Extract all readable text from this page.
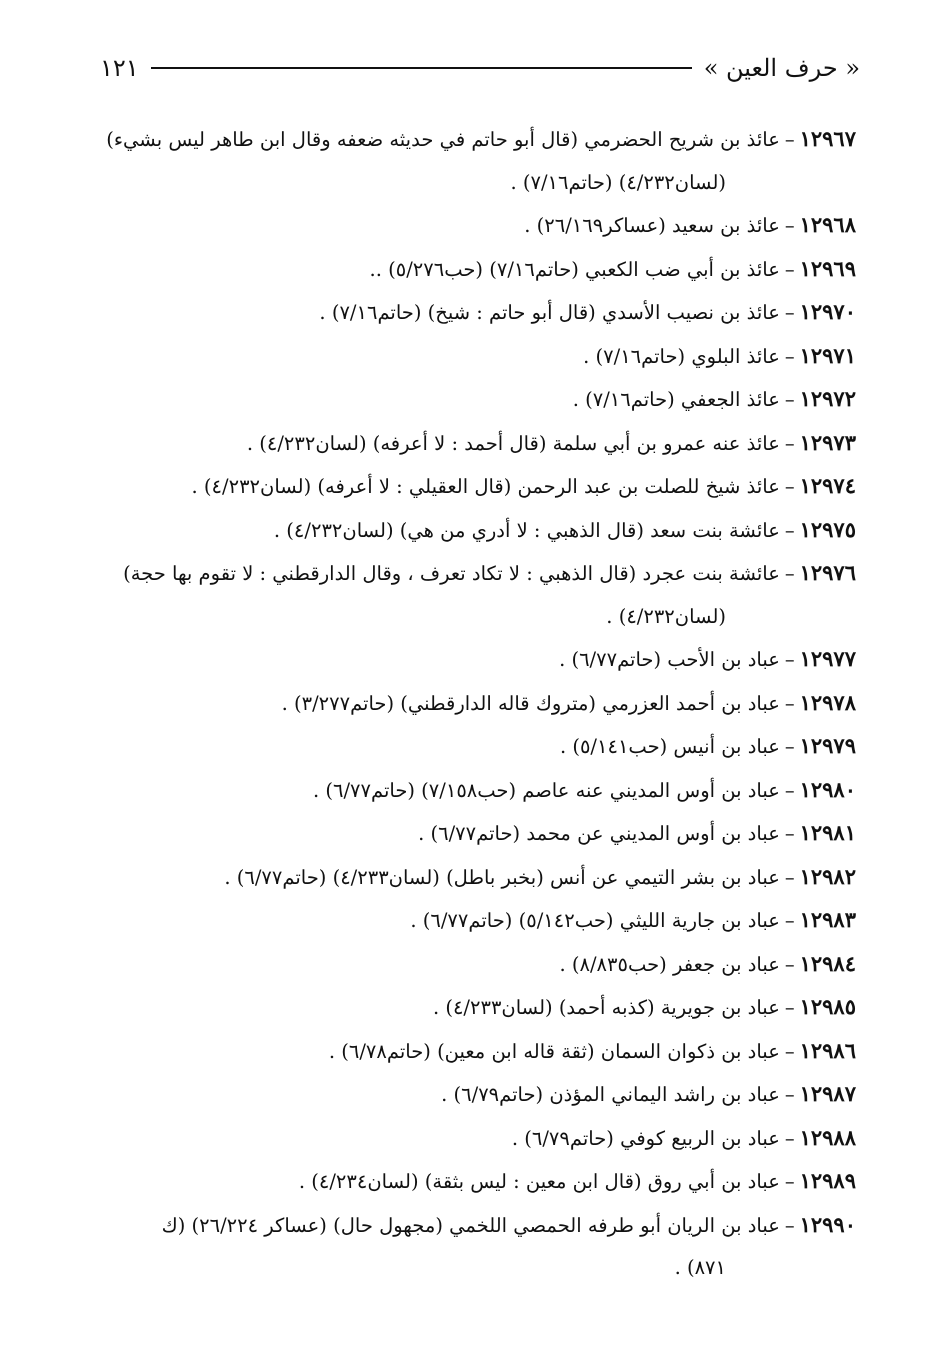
« حرف العين »
١٢١
١٢٩٦٧–عائذ بن شريح الحضرمي (قال أبو حاتم في حديثه ضعفه وقال ابن طاهر ليس بشيء)
(لسان٤/٢٣٢) (حاتم٧/١٦) .
١٢٩٦٨–عائذ بن سعيد (عساكر٢٦/١٦٩) .
١٢٩٦٩–عائذ بن أبي ضب الكعبي (حاتم٧/١٦) (حب٥/٢٧٦) ..
١٢٩٧٠–عائذ بن نصيب الأسدي (قال أبو حاتم : شيخ) (حاتم٧/١٦) .
١٢٩٧١–عائذ البلوي (حاتم٧/١٦) .
١٢٩٧٢–عائذ الجعفي (حاتم٧/١٦) .
١٢٩٧٣–عائذ عنه عمرو بن أبي سلمة (قال أحمد : لا أعرفه) (لسان٤/٢٣٢) .
١٢٩٧٤–عائذ شيخ للصلت بن عبد الرحمن (قال العقيلي : لا أعرفه) (لسان٤/٢٣٢) .
١٢٩٧٥–عائشة بنت سعد (قال الذهبي : لا أدري من هي) (لسان٤/٢٣٢) .
١٢٩٧٦–عائشة بنت عجرد (قال الذهبي : لا تكاد تعرف ، وقال الدارقطني : لا تقوم بها حجة)
(لسان٤/٢٣٢) .
١٢٩٧٧–عباد بن الأحب (حاتم٦/٧٧) .
١٢٩٧٨–عباد بن أحمد العزرمي (متروك قاله الدارقطني) (حاتم٣/٢٧٧) .
١٢٩٧٩–عباد بن أنيس (حب٥/١٤١) .
١٢٩٨٠–عباد بن أوس المديني عنه عاصم (حب٧/١٥٨) (حاتم٦/٧٧) .
١٢٩٨١–عباد بن أوس المديني عن محمد (حاتم٦/٧٧) .
١٢٩٨٢–عباد بن بشر التيمي عن أنس (بخبر باطل) (لسان٤/٢٣٣) (حاتم٦/٧٧) .
١٢٩٨٣–عباد بن جارية الليثي (حب٥/١٤٢) (حاتم٦/٧٧) .
١٢٩٨٤–عباد بن جعفر (حب٨/٨٣٥) .
١٢٩٨٥–عباد بن جويرية (كذبه أحمد) (لسان٤/٢٣٣) .
١٢٩٨٦–عباد بن ذكوان السمان (ثقة قاله ابن معين) (حاتم٦/٧٨) .
١٢٩٨٧–عباد بن راشد اليماني المؤذن (حاتم٦/٧٩) .
١٢٩٨٨–عباد بن الربيع كوفي (حاتم٦/٧٩) .
١٢٩٨٩–عباد بن أبي روق (قال ابن معين : ليس بثقة) (لسان٤/٢٣٤) .
١٢٩٩٠–عباد بن الريان أبو طرفه الحمصي اللخمي (مجهول حال) (عساكر ٢٦/٢٢٤) (ك
٨٧١) .
